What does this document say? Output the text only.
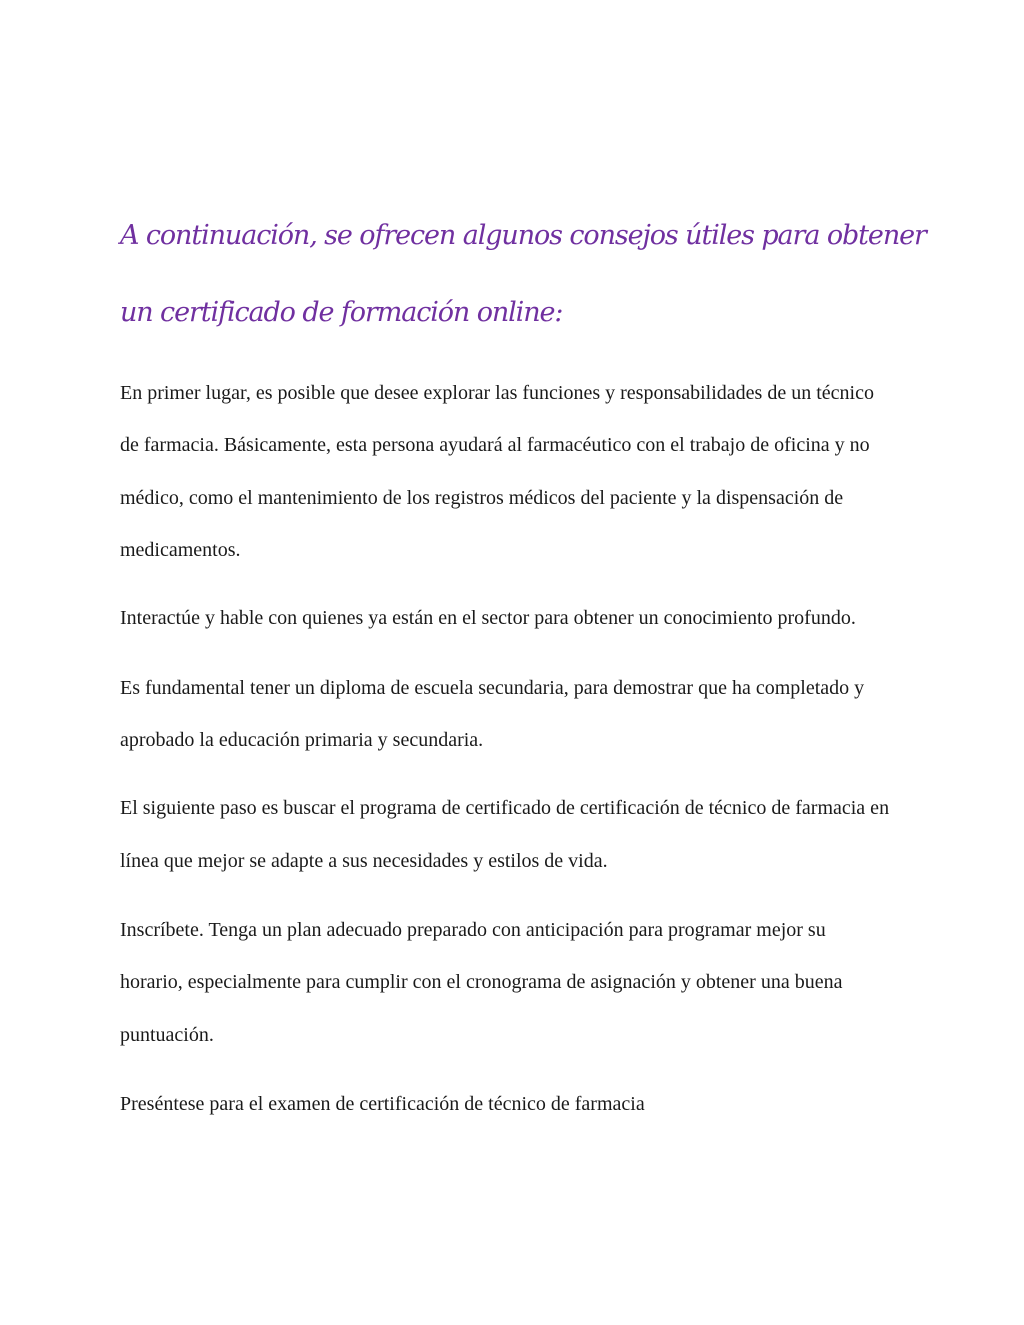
A continuación, se ofrecen algunos consejos útiles para obtener
un certificado de formación online:

En primer lugar, es posible que desee explorar las funciones y responsabilidades de un técnico

de farmacia. Básicamente, esta persona ayudará al farmacéutico con el trabajo de oficina y no

médico, como el mantenimiento de los registros médicos del paciente y la dispensación de

medicamentos.

Interactúe y hable con quienes ya están en el sector para obtener un conocimiento profundo.

Es fundamental tener un diploma de escuela secundaria, para demostrar que ha completado y

aprobado la educación primaria y secundaria.

El siguiente paso es buscar el programa de certificado de certificación de técnico de farmacia en

línea que mejor se adapte a sus necesidades y estilos de vida.

Inscríbete. Tenga un plan adecuado preparado con anticipación para programar mejor su

horario, especialmente para cumplir con el cronograma de asignación y obtener una buena

puntuación.

Preséntese para el examen de certificación de técnico de farmacia
